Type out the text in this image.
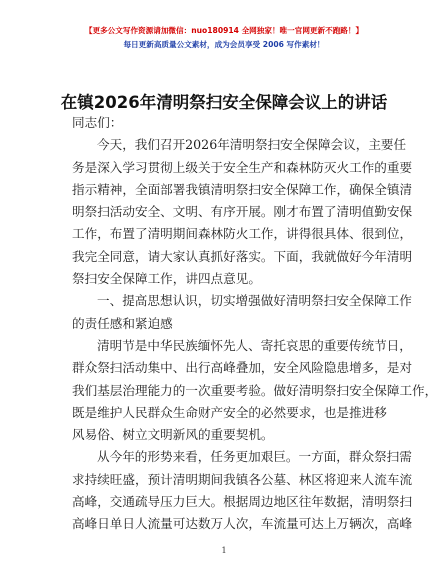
【更多公文写作资源请加微信：nuo180914 全网独家！唯一官网更新不跑路！】
每日更新高质量公文素材，成为会员享受 2006 写作素材！
在镇2026年清明祭扫安全保障会议上的讲话
同志们：
今天，我们召开2026年清明祭扫安全保障会议，主要任
务是深入学习贯彻上级关于安全生产和森林防灭火工作的重要
指示精神，全面部署我镇清明祭扫安全保障工作，确保全镇清
明祭扫活动安全、文明、有序开展。刚才布置了清明值勤安保
工作，布置了清明期间森林防火工作，讲得很具体、很到位，
我完全同意，请大家认真抓好落实。下面，我就做好今年清明
祭扫安全保障工作，讲四点意见。
一、提高思想认识，切实增强做好清明祭扫安全保障工作
的责任感和紧迫感
清明节是中华民族缅怀先人、寄托哀思的重要传统节日，
群众祭扫活动集中、出行高峰叠加，安全风险隐患增多，是对
我们基层治理能力的一次重要考验。做好清明祭扫安全保障工作，
既是维护人民群众生命财产安全的必然要求，也是推进移
风易俗、树立文明新风的重要契机。
从今年的形势来看，任务更加艰巨。一方面，群众祭扫需
求持续旺盛，预计清明期间我镇各公墓、林区将迎来人流车流
高峰，交通疏导压力巨大。根据周边地区往年数据，清明祭扫
高峰日单日人流量可达数万人次，车流量可达上万辆次，高峰
1
